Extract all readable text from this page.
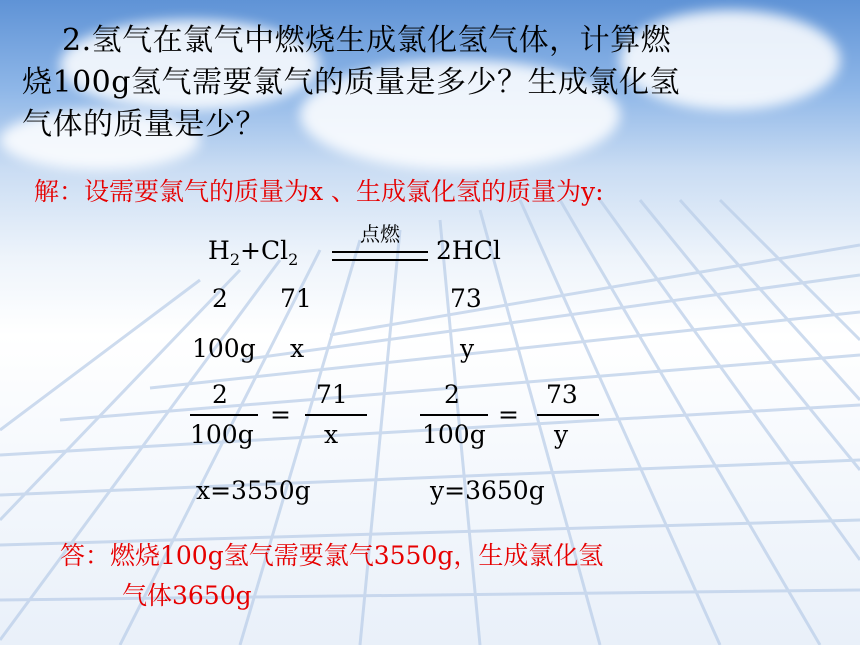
2.氢气在氯气中燃烧生成氯化氢气体，计算燃
烧100g氢气需要氯气的质量是多少？生成氯化氢
气体的质量是少？
解：设需要氯气的质量为x 、生成氯化氢的质量为y:
$H_2+Cl_2$
点燃
2HCl
2 71	73
100g x	y
2
100g
=
71
x
2
100g
=
73
y
x=3550g	y=3650g
答：燃烧100g氢气需要氯气3550g，生成氯化氢
气体3650g
